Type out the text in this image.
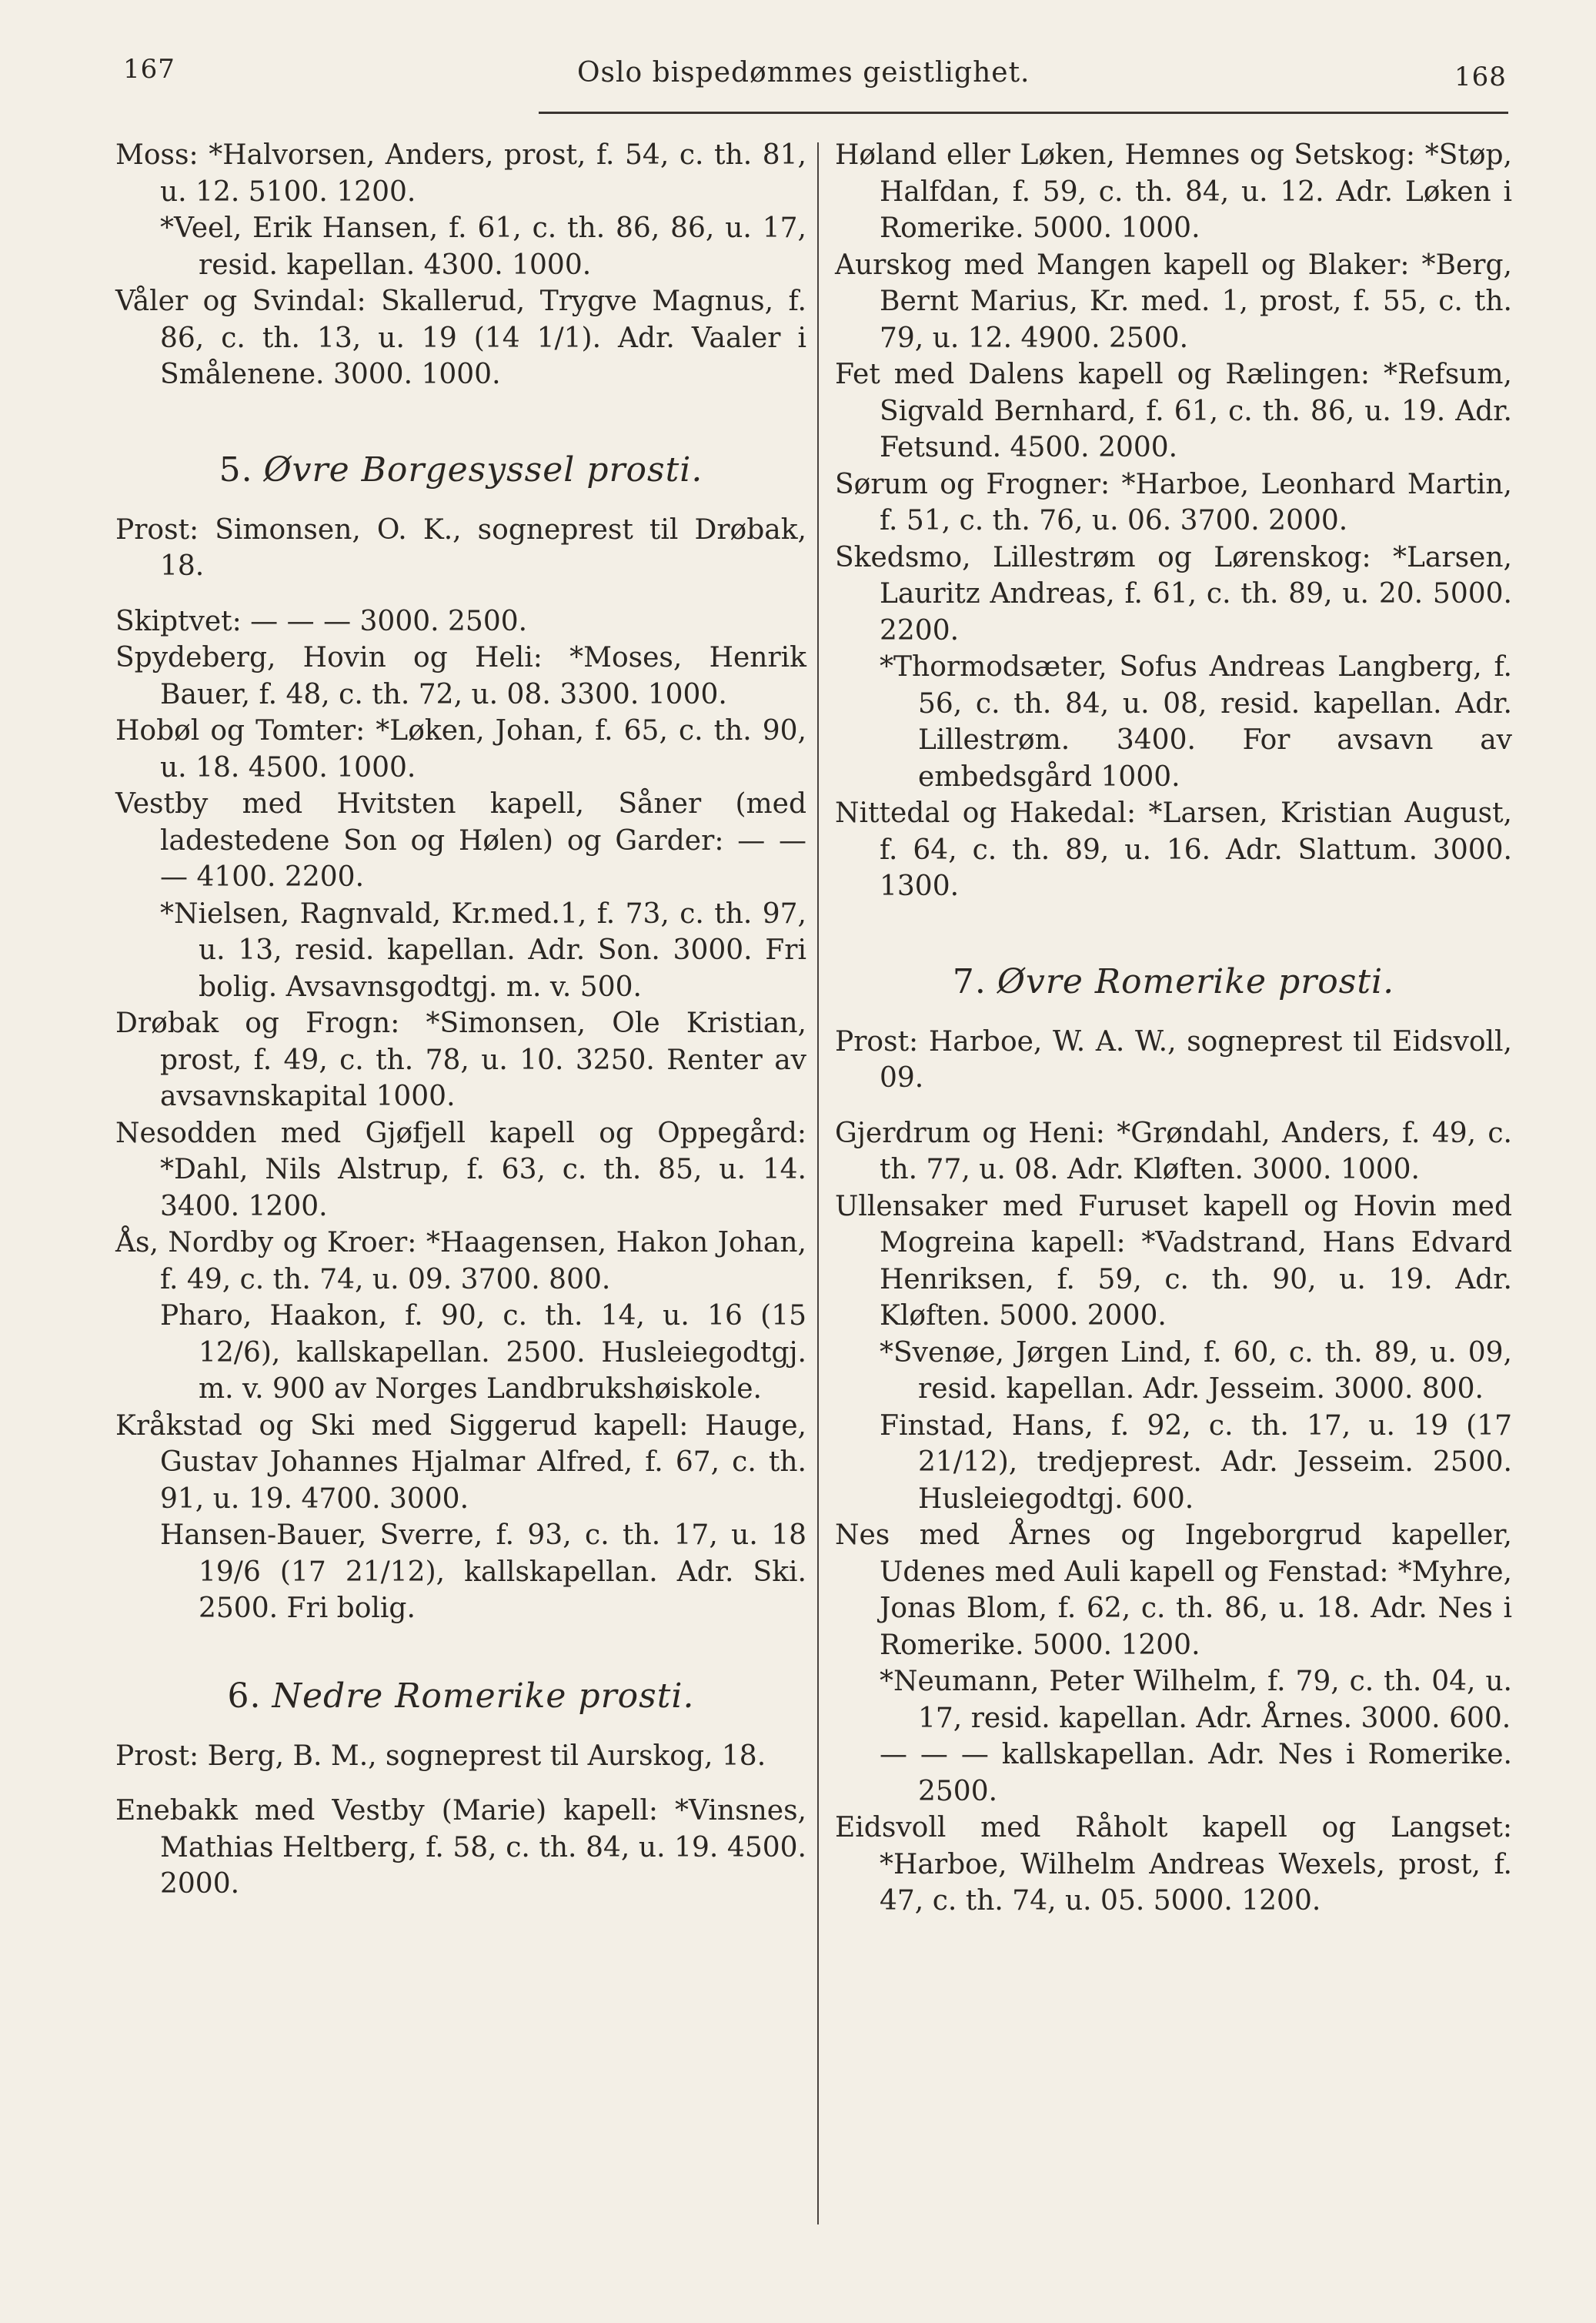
167	Oslo bispedømmes geistlighet.	168

Moss: *Halvorsen, Anders, prost, f. 54, c. th. 81, u. 12. 5100. 1200.

*Veel, Erik Hansen, f. 61, c. th. 86, 86, u. 17, resid. kapellan. 4300. 1000.

Våler og Svindal: Skallerud, Trygve Magnus, f. 86, c. th. 13, u. 19 (14 1/1). Adr. Vaaler i Smålenene. 3000. 1000.

5. Øvre Borgesyssel prosti.

Prost: Simonsen, O. K., sogneprest til Drøbak, 18.

Skiptvet: — — — 3000. 2500.

Spydeberg, Hovin og Heli: *Moses, Henrik Bauer, f. 48, c. th. 72, u. 08. 3300. 1000.

Hobøl og Tomter: *Løken, Johan, f. 65, c. th. 90, u. 18. 4500. 1000.

Vestby med Hvitsten kapell, Såner (med ladestedene Son og Hølen) og Garder: — — — 4100. 2200.

*Nielsen, Ragnvald, Kr.med.1, f. 73, c. th. 97, u. 13, resid. kapellan. Adr. Son. 3000. Fri bolig. Avsavnsgodtgj. m. v. 500.

Drøbak og Frogn: *Simonsen, Ole Kristian, prost, f. 49, c. th. 78, u. 10. 3250. Renter av avsavnskapital 1000.

Nesodden med Gjøfjell kapell og Oppegård: *Dahl, Nils Alstrup, f. 63, c. th. 85, u. 14. 3400. 1200.

Ås, Nordby og Kroer: *Haagensen, Hakon Johan, f. 49, c. th. 74, u. 09. 3700. 800.

Pharo, Haakon, f. 90, c. th. 14, u. 16 (15 12/6), kallskapellan. 2500. Husleiegodtgj. m. v. 900 av Norges Landbrukshøiskole.

Kråkstad og Ski med Siggerud kapell: Hauge, Gustav Johannes Hjalmar Alfred, f. 67, c. th. 91, u. 19. 4700. 3000.

Hansen-Bauer, Sverre, f. 93, c. th. 17, u. 18 19/6 (17 21/12), kallskapellan. Adr. Ski. 2500. Fri bolig.

6. Nedre Romerike prosti.

Prost: Berg, B. M., sogneprest til Aurskog, 18.

Enebakk med Vestby (Marie) kapell: *Vinsnes, Mathias Heltberg, f. 58, c. th. 84, u. 19. 4500. 2000.

Høland eller Løken, Hemnes og Setskog: *Støp, Halfdan, f. 59, c. th. 84, u. 12. Adr. Løken i Romerike. 5000. 1000.

Aurskog med Mangen kapell og Blaker: *Berg, Bernt Marius, Kr. med. 1, prost, f. 55, c. th. 79, u. 12. 4900. 2500.

Fet med Dalens kapell og Rælingen: *Refsum, Sigvald Bernhard, f. 61, c. th. 86, u. 19. Adr. Fetsund. 4500. 2000.

Sørum og Frogner: *Harboe, Leonhard Martin, f. 51, c. th. 76, u. 06. 3700. 2000.

Skedsmo, Lillestrøm og Lørenskog: *Larsen, Lauritz Andreas, f. 61, c. th. 89, u. 20. 5000. 2200.

*Thormodsæter, Sofus Andreas Langberg, f. 56, c. th. 84, u. 08, resid. kapellan. Adr. Lillestrøm. 3400. For avsavn av embedsgård 1000.

Nittedal og Hakedal: *Larsen, Kristian August, f. 64, c. th. 89, u. 16. Adr. Slattum. 3000. 1300.

7. Øvre Romerike prosti.

Prost: Harboe, W. A. W., sogneprest til Eidsvoll, 09.

Gjerdrum og Heni: *Grøndahl, Anders, f. 49, c. th. 77, u. 08. Adr. Kløften. 3000. 1000.

Ullensaker med Furuset kapell og Hovin med Mogreina kapell: *Vadstrand, Hans Edvard Henriksen, f. 59, c. th. 90, u. 19. Adr. Kløften. 5000. 2000.

*Svenøe, Jørgen Lind, f. 60, c. th. 89, u. 09, resid. kapellan. Adr. Jesseim. 3000. 800.

Finstad, Hans, f. 92, c. th. 17, u. 19 (17 21/12), tredjeprest. Adr. Jesseim. 2500. Husleiegodtgj. 600.

Nes med Årnes og Ingeborgrud kapeller, Udenes med Auli kapell og Fenstad: *Myhre, Jonas Blom, f. 62, c. th. 86, u. 18. Adr. Nes i Romerike. 5000. 1200.

*Neumann, Peter Wilhelm, f. 79, c. th. 04, u. 17, resid. kapellan. Adr. Årnes. 3000. 600.

— — — kallskapellan. Adr. Nes i Romerike. 2500.

Eidsvoll med Råholt kapell og Langset: *Harboe, Wilhelm Andreas Wexels, prost, f. 47, c. th. 74, u. 05. 5000. 1200.
